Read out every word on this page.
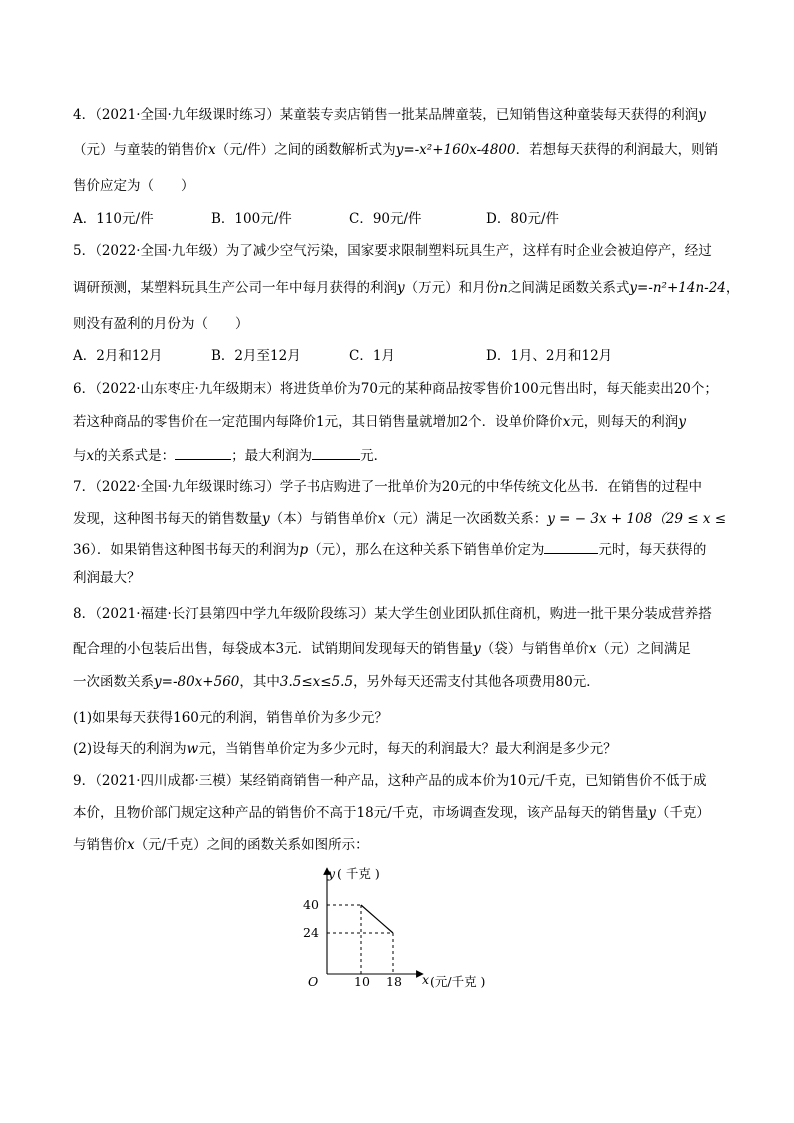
4．（2021·全国·九年级课时练习）某童装专卖店销售一批某品牌童装，已知销售这种童装每天获得的利润y
（元）与童装的销售价x（元/件）之间的函数解析式为y=-x²+160x-4800．若想每天获得的利润最大，则销
售价应定为（　　）
A．110元/件	B．100元/件	C．90元/件	D．80元/件
5．（2022·全国·九年级）为了减少空气污染，国家要求限制塑料玩具生产，这样有时企业会被迫停产，经过
调研预测，某塑料玩具生产公司一年中每月获得的利润y（万元）和月份n之间满足函数关系式y=-n²+14n-24，
则没有盈利的月份为（　　）
A．2月和12月	B．2月至12月	C．1月	D．1月、2月和12月
6．（2022·山东枣庄·九年级期末）将进货单价为70元的某种商品按零售价100元售出时，每天能卖出20个；
若这种商品的零售价在一定范围内每降价1元，其日销售量就增加2个．设单价降价x元，则每天的利润y
与x的关系式是：	；最大利润为	元．
7．（2022·全国·九年级课时练习）学子书店购进了一批单价为20元的中华传统文化丛书．在销售的过程中
发现，这种图书每天的销售数量y（本）与销售单价x（元）满足一次函数关系：y = − 3x + 108（29 ≤ x ≤
36）．如果销售这种图书每天的利润为p（元），那么在这种关系下销售单价定为	元时，每天获得的
利润最大？
8．（2021·福建·长汀县第四中学九年级阶段练习）某大学生创业团队抓住商机，购进一批干果分装成营养搭
配合理的小包装后出售，每袋成本3元．试销期间发现每天的销售量y（袋）与销售单价x（元）之间满足
一次函数关系y=-80x+560，其中3.5≤x≤5.5，另外每天还需支付其他各项费用80元．
(1)如果每天获得160元的利润，销售单价为多少元？
(2)设每天的利润为w元，当销售单价定为多少元时，每天的利润最大？最大利润是多少元？
9．（2021·四川成都·三模）某经销商销售一种产品，这种产品的成本价为10元/千克，已知销售价不低于成
本价，且物价部门规定这种产品的销售价不高于18元/千克，市场调查发现，该产品每天的销售量y（千克）
与销售价x（元/千克）之间的函数关系如图所示：
y ( 千克 )
40
24
O	10 18 x (元/千克 )
